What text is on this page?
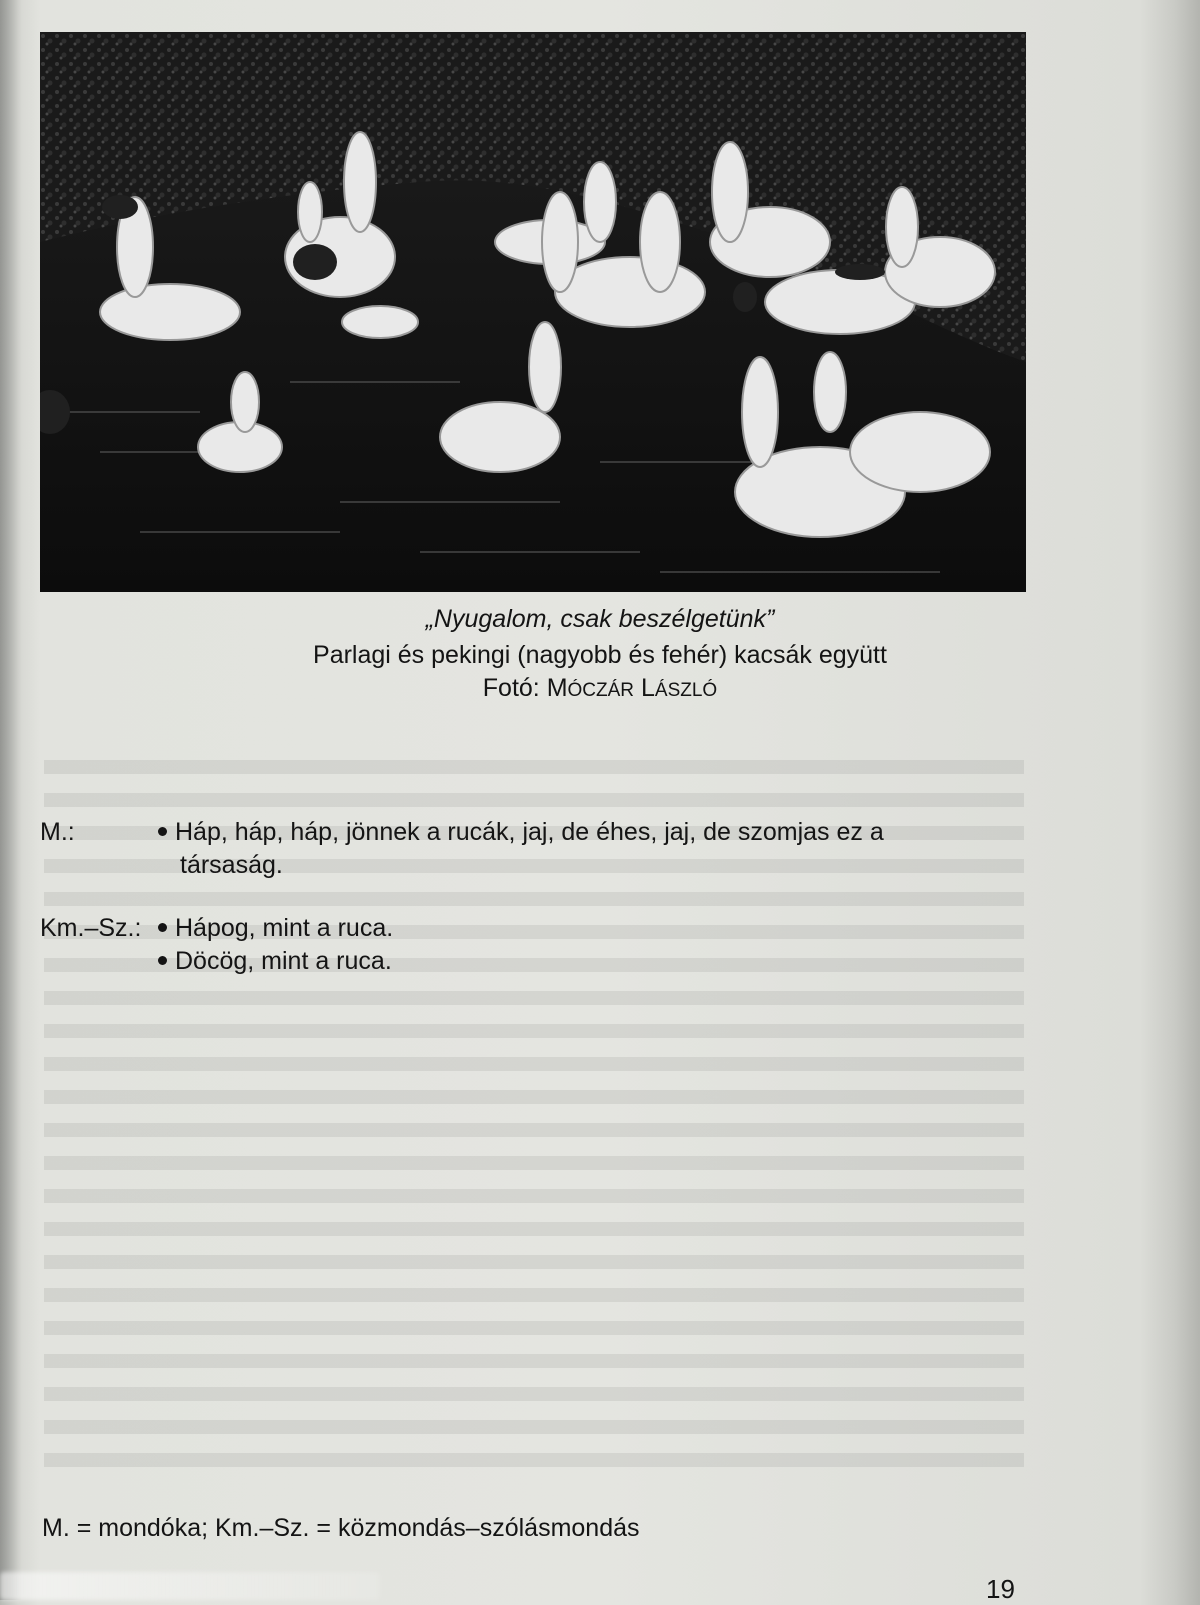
„Nyugalom, csak beszélgetünk”
Parlagi és pekingi (nagyobb és fehér) kacsák együtt
Fotó: MÓCZÁR LÁSZLÓ
M.:	Háp, háp, háp, jönnek a rucák, jaj, de éhes, jaj, de szomjas ez a
társaság.
Km.–Sz.:	Hápog, mint a ruca.
Döcög, mint a ruca.
M. = mondóka; Km.–Sz. = közmondás–szólásmondás
19
